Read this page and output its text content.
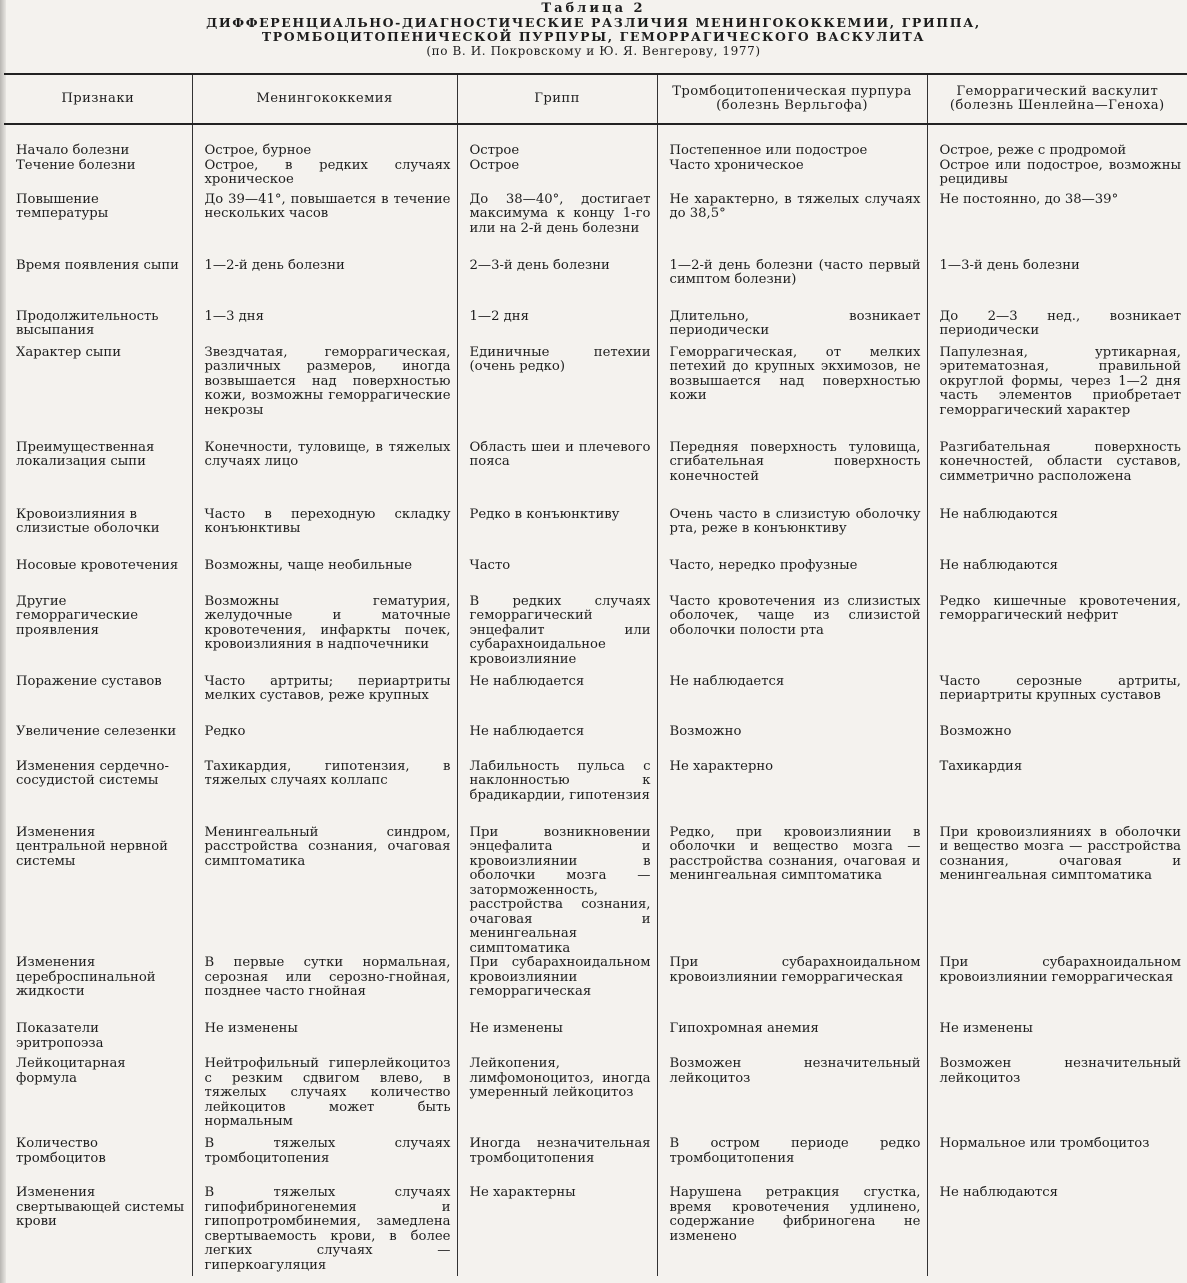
Таблица 2
ДИФФЕРЕНЦИАЛЬНО-ДИАГНОСТИЧЕСКИЕ РАЗЛИЧИЯ МЕНИНГОКОККЕМИИ, ГРИППА,
ТРОМБОЦИТОПЕНИЧЕСКОЙ ПУРПУРЫ, ГЕМОРРАГИЧЕСКОГО ВАСКУЛИТА
(по В. И. Покровскому и Ю. Я. Венгерову, 1977)
Признаки	Менингококкемия	Грипп	Тромбоцитопеническая пурпура (болезнь Верльгофа)	Геморрагический васкулит (болезнь Шенлейна—Геноха)
Начало болезни	Острое, бурное	Острое	Постепенное или подострое	Острое, реже с продромой
Течение болезни	Острое, в редких случаях хроническое	Острое	Часто хроническое	Острое или подострое, возможны рецидивы
Повышение температуры	До 39—41°, повышается в течение нескольких часов	До 38—40°, достигает максимума к концу 1-го или на 2-й день болезни	Не характерно, в тяжелых случаях до 38,5°	Не постоянно, до 38—39°
Время появления сыпи	1—2-й день болезни	2—3-й день болезни	1—2-й день болезни (часто первый симптом болезни)	1—3-й день болезни
Продолжительность высыпания	1—3 дня	1—2 дня	Длительно, возникает периодически	До 2—3 нед., возникает периодически
Характер сыпи	Звездчатая, геморрагическая, различных размеров, иногда возвышается над поверхностью кожи, возможны геморрагические некрозы	Единичные петехии (очень редко)	Геморрагическая, от мелких петехий до крупных экхимозов, не возвышается над поверхностью кожи	Папулезная, уртикарная, эритематозная, правильной округлой формы, через 1—2 дня часть элементов приобретает геморрагический характер
Преимущественная локализация сыпи	Конечности, туловище, в тяжелых случаях лицо	Область шеи и плечевого пояса	Передняя поверхность туловища, сгибательная поверхность конечностей	Разгибательная поверхность конечностей, области суставов, симметрично расположена
Кровоизлияния в слизистые оболочки	Часто в переходную складку конъюнктивы	Редко в конъюнктиву	Очень часто в слизистую оболочку рта, реже в конъюнктиву	Не наблюдаются
Носовые кровотечения	Возможны, чаще необильные	Часто	Часто, нередко профузные	Не наблюдаются
Другие геморрагические проявления	Возможны гематурия, желудочные и маточные кровотечения, инфаркты почек, кровоизлияния в надпочечники	В редких случаях геморрагический энцефалит или субарахноидальное кровоизлияние	Часто кровотечения из слизистых оболочек, чаще из слизистой оболочки полости рта	Редко кишечные кровотечения, геморрагический нефрит
Поражение суставов	Часто артриты; периартриты мелких суставов, реже крупных	Не наблюдается	Не наблюдается	Часто серозные артриты, периартриты крупных суставов
Увеличение селезенки	Редко	Не наблюдается	Возможно	Возможно
Изменения сердечно-сосудистой системы	Тахикардия, гипотензия, в тяжелых случаях коллапс	Лабильность пульса с наклонностью к брадикардии, гипотензия	Не характерно	Тахикардия
Изменения центральной нервной системы	Менингеальный синдром, расстройства сознания, очаговая симптоматика	При возникновении энцефалита и кровоизлиянии в оболочки мозга — заторможенность, расстройства сознания, очаговая и менингеальная симптоматика	Редко, при кровоизлиянии в оболочки и вещество мозга — расстройства сознания, очаговая и менингеальная симптоматика	При кровоизлияниях в оболочки и вещество мозга — расстройства сознания, очаговая и менингеальная симптоматика
Изменения цереброспинальной жидкости	В первые сутки нормальная, серозная или серозно-гнойная, позднее часто гнойная	При субарахноидальном кровоизлиянии геморрагическая	При субарахноидальном кровоизлиянии геморрагическая	При субарахноидальном кровоизлиянии геморрагическая
Показатели эритропоэза	Не изменены	Не изменены	Гипохромная анемия	Не изменены
Лейкоцитарная формула	Нейтрофильный гиперлейкоцитоз с резким сдвигом влево, в тяжелых случаях количество лейкоцитов может быть нормальным	Лейкопения, лимфомоноцитоз, иногда умеренный лейкоцитоз	Возможен незначительный лейкоцитоз	Возможен незначительный лейкоцитоз
Количество тромбоцитов	В тяжелых случаях тромбоцитопения	Иногда незначительная тромбоцитопения	В остром периоде редко тромбоцитопения	Нормальное или тромбоцитоз
Изменения свертывающей системы крови	В тяжелых случаях гипофибриногенемия и гипопротромбинемия, замедлена свертываемость крови, в более легких случаях — гиперкоагуляция	Не характерны	Нарушена ретракция сгустка, время кровотечения удлинено, содержание фибриногена не изменено	Не наблюдаются
